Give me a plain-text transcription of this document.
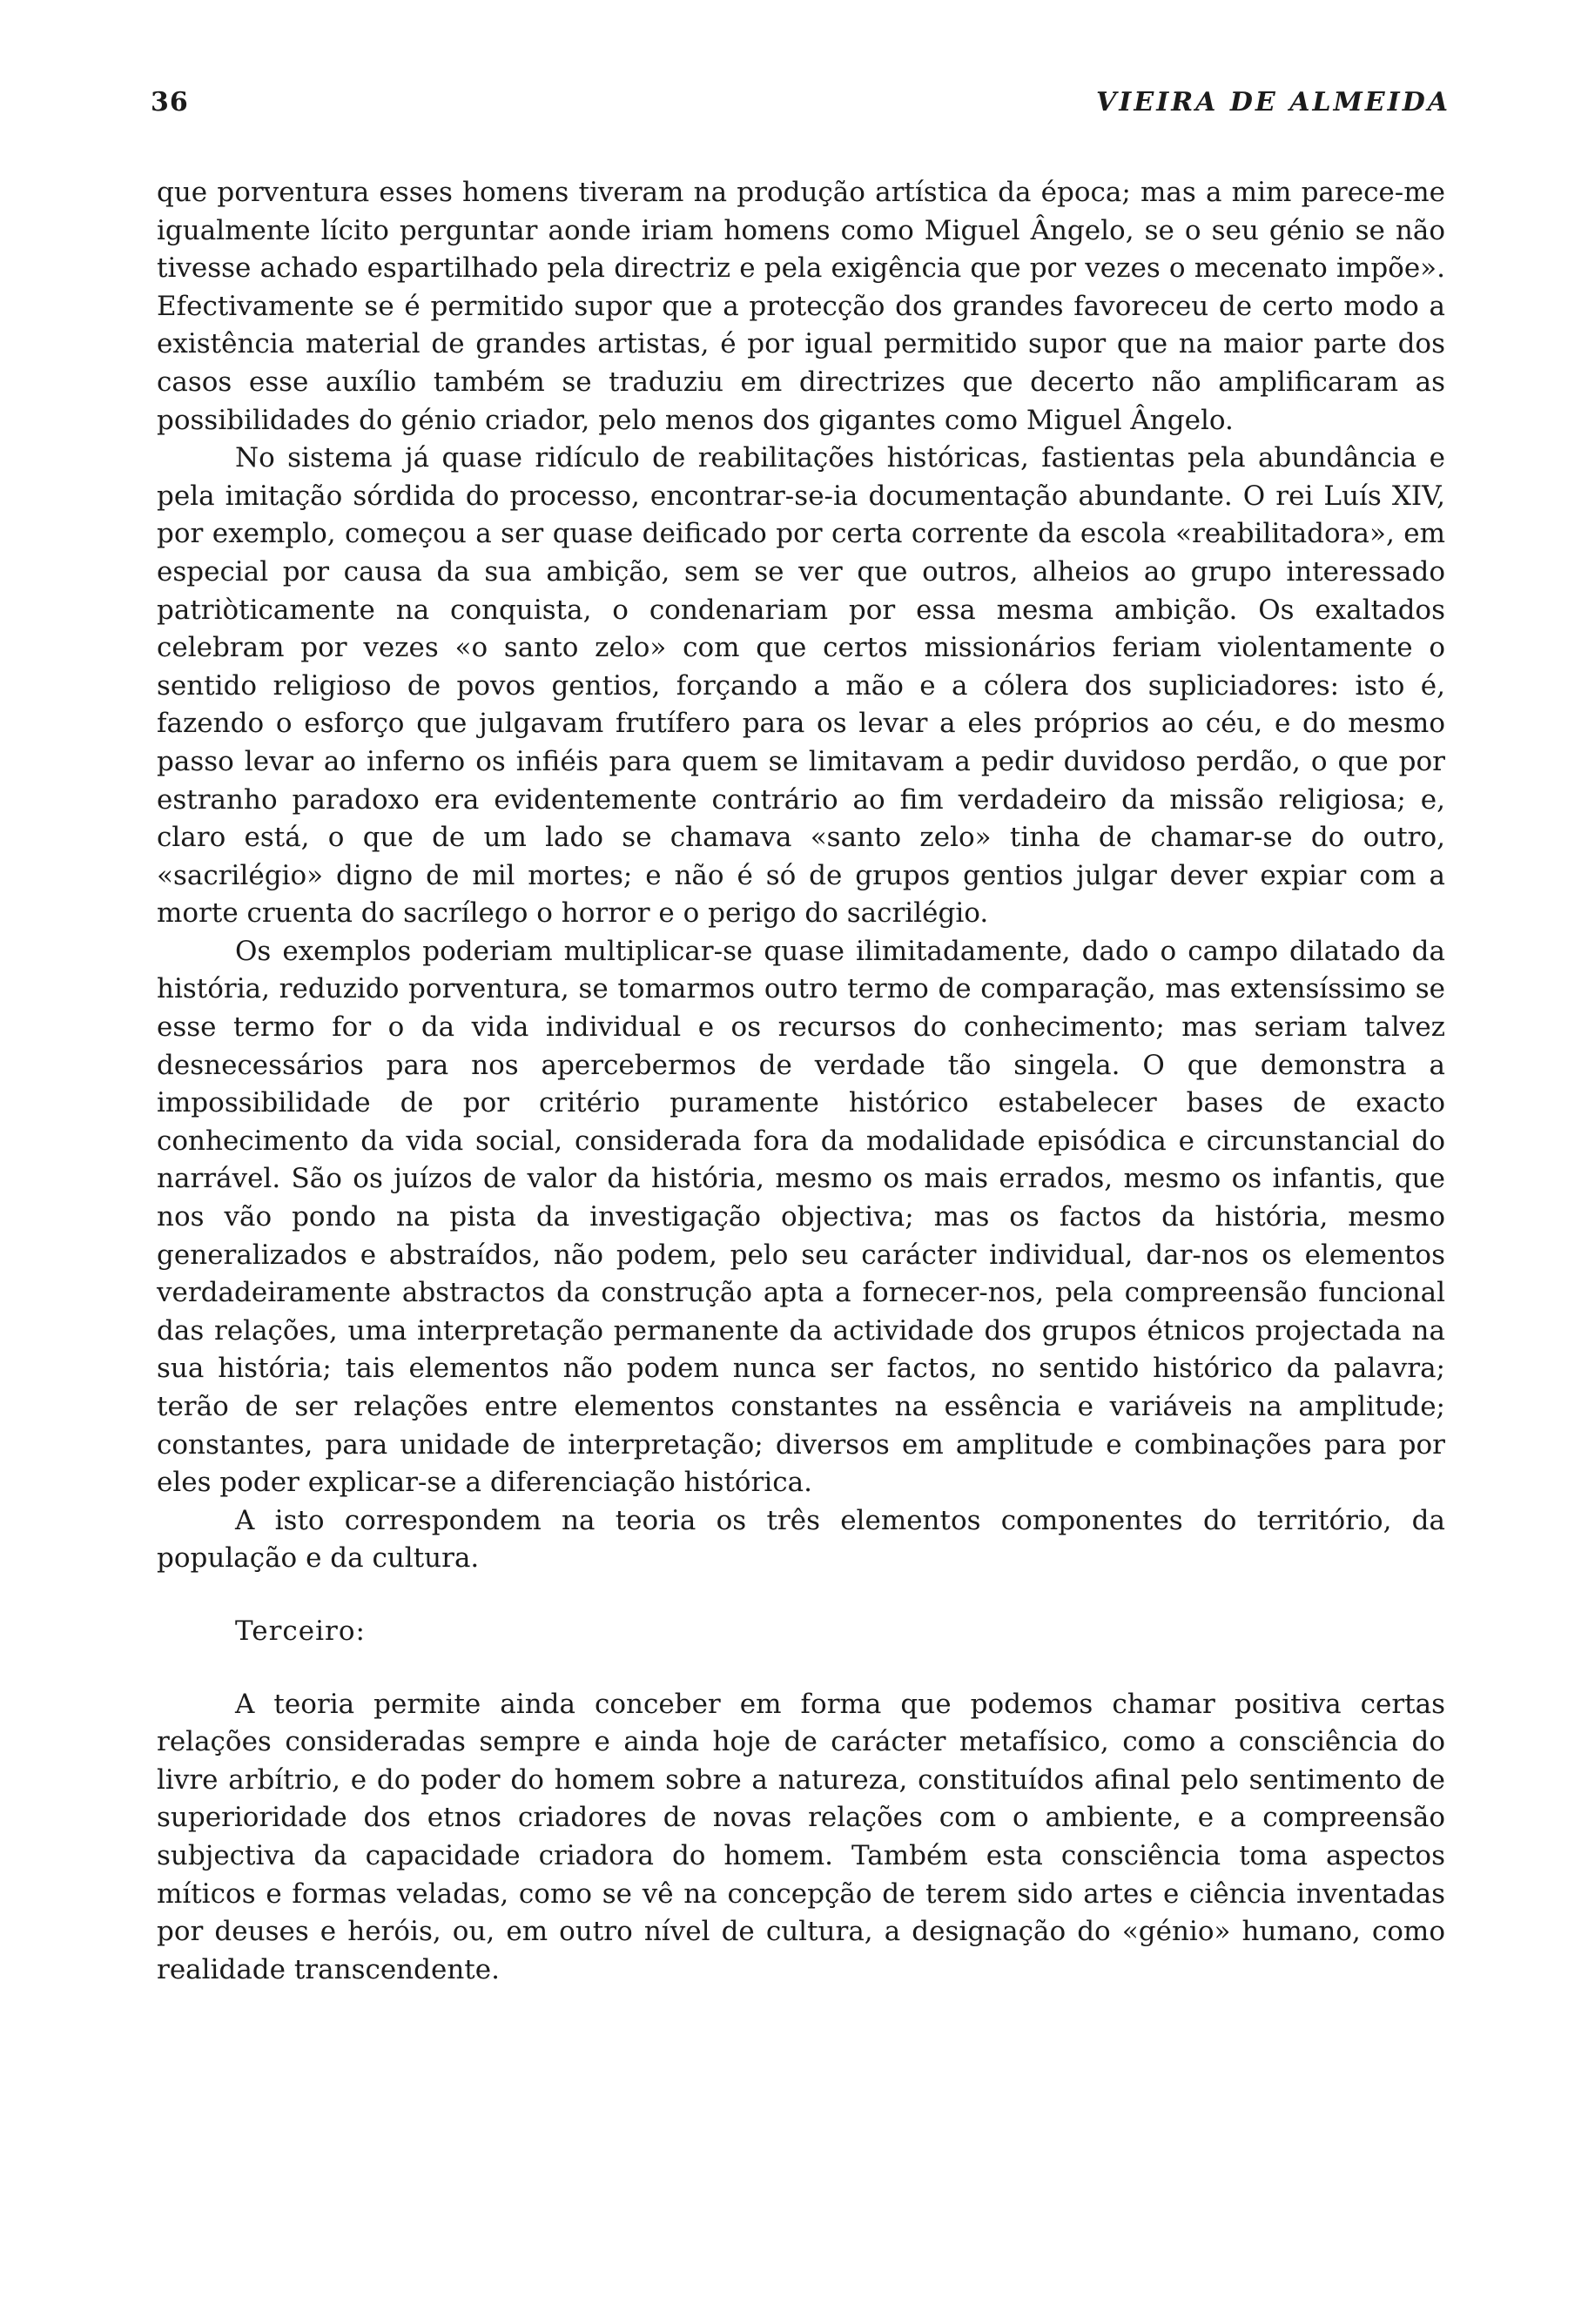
36	VIEIRA DE ALMEIDA

que porventura esses homens tiveram na produção artística da época; mas a mim parece-me igualmente lícito perguntar aonde iriam homens como Miguel Ângelo, se o seu génio se não tivesse achado espartilhado pela directriz e pela exigência que por vezes o mecenato impõe». Efectivamente se é permitido supor que a protecção dos grandes favoreceu de certo modo a existência material de grandes artistas, é por igual permitido supor que na maior parte dos casos esse auxílio também se traduziu em directrizes que decerto não amplificaram as possibilidades do génio criador, pelo menos dos gigantes como Miguel Ângelo.

No sistema já quase ridículo de reabilitações históricas, fastientas pela abundância e pela imitação sórdida do processo, encontrar-se-ia documentação abundante. O rei Luís XIV, por exemplo, começou a ser quase deificado por certa corrente da escola «reabilitadora», em especial por causa da sua ambição, sem se ver que outros, alheios ao grupo interessado patriòticamente na conquista, o condenariam por essa mesma ambição. Os exaltados celebram por vezes «o santo zelo» com que certos missionários feriam violentamente o sentido religioso de povos gentios, forçando a mão e a cólera dos supliciadores: isto é, fazendo o esforço que julgavam frutífero para os levar a eles próprios ao céu, e do mesmo passo levar ao inferno os infiéis para quem se limitavam a pedir duvidoso perdão, o que por estranho paradoxo era evidentemente contrário ao fim verdadeiro da missão religiosa; e, claro está, o que de um lado se chamava «santo zelo» tinha de chamar-se do outro, «sacrilégio» digno de mil mortes; e não é só de grupos gentios julgar dever expiar com a morte cruenta do sacrílego o horror e o perigo do sacrilégio.

Os exemplos poderiam multiplicar-se quase ilimitadamente, dado o campo dilatado da história, reduzido porventura, se tomarmos outro termo de comparação, mas extensíssimo se esse termo for o da vida individual e os recursos do conhecimento; mas seriam talvez desnecessários para nos apercebermos de verdade tão singela. O que demonstra a impossibilidade de por critério puramente histórico estabelecer bases de exacto conhecimento da vida social, considerada fora da modalidade episódica e circunstancial do narrável. São os juízos de valor da história, mesmo os mais errados, mesmo os infantis, que nos vão pondo na pista da investigação objectiva; mas os factos da história, mesmo generalizados e abstraídos, não podem, pelo seu carácter individual, dar-nos os elementos verdadeiramente abstractos da construção apta a fornecer-nos, pela compreensão funcional das relações, uma interpretação permanente da actividade dos grupos étnicos projectada na sua história; tais elementos não podem nunca ser factos, no sentido histórico da palavra; terão de ser relações entre elementos constantes na essência e variáveis na amplitude; constantes, para unidade de interpretação; diversos em amplitude e combinações para por eles poder explicar-se a diferenciação histórica.

A isto correspondem na teoria os três elementos componentes do território, da população e da cultura.

Terceiro:

A teoria permite ainda conceber em forma que podemos chamar positiva certas relações consideradas sempre e ainda hoje de carácter metafísico, como a consciência do livre arbítrio, e do poder do homem sobre a natureza, constituídos afinal pelo sentimento de superioridade dos etnos criadores de novas relações com o ambiente, e a compreensão subjectiva da capacidade criadora do homem. Também esta consciência toma aspectos míticos e formas veladas, como se vê na concepção de terem sido artes e ciência inventadas por deuses e heróis, ou, em outro nível de cultura, a designação do «génio» humano, como realidade transcendente.
